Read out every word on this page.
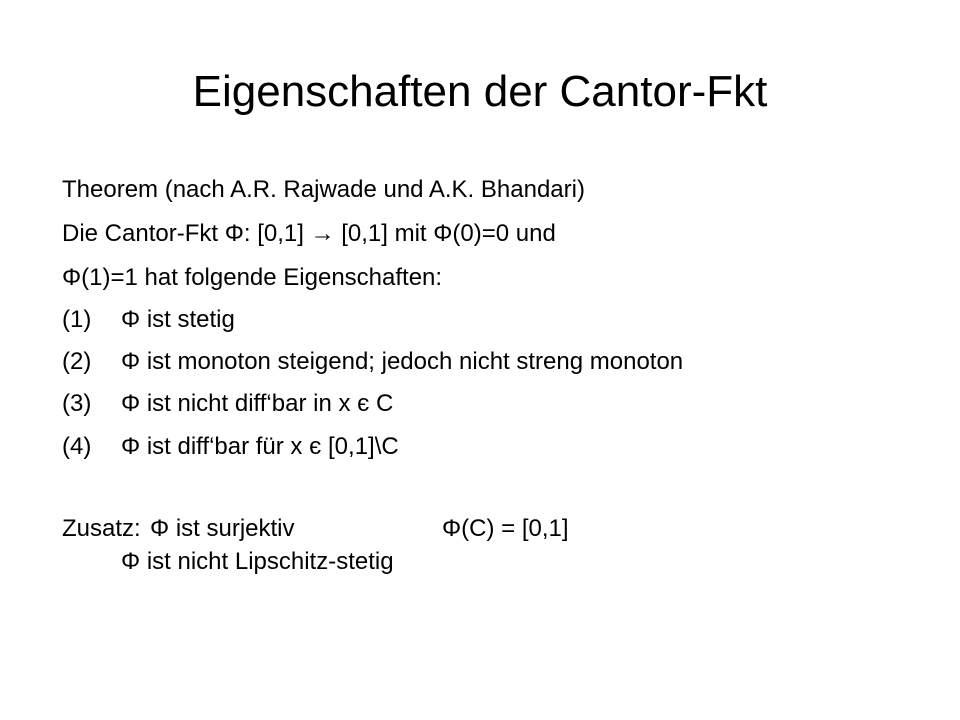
Eigenschaften der Cantor-Fkt
Theorem (nach A.R. Rajwade und A.K. Bhandari)
Die Cantor-Fkt Φ: [0,1] → [0,1] mit Φ(0)=0 und
Φ(1)=1 hat folgende Eigenschaften:
(1) Φ ist stetig
(2) Φ ist monoton steigend; jedoch nicht streng monoton
(3) Φ ist nicht diff‘bar in x є C
(4) Φ ist diff‘bar für x є [0,1]\C
Zusatz: Φ ist surjektiv	Φ(C) = [0,1]
Φ ist nicht Lipschitz-stetig
